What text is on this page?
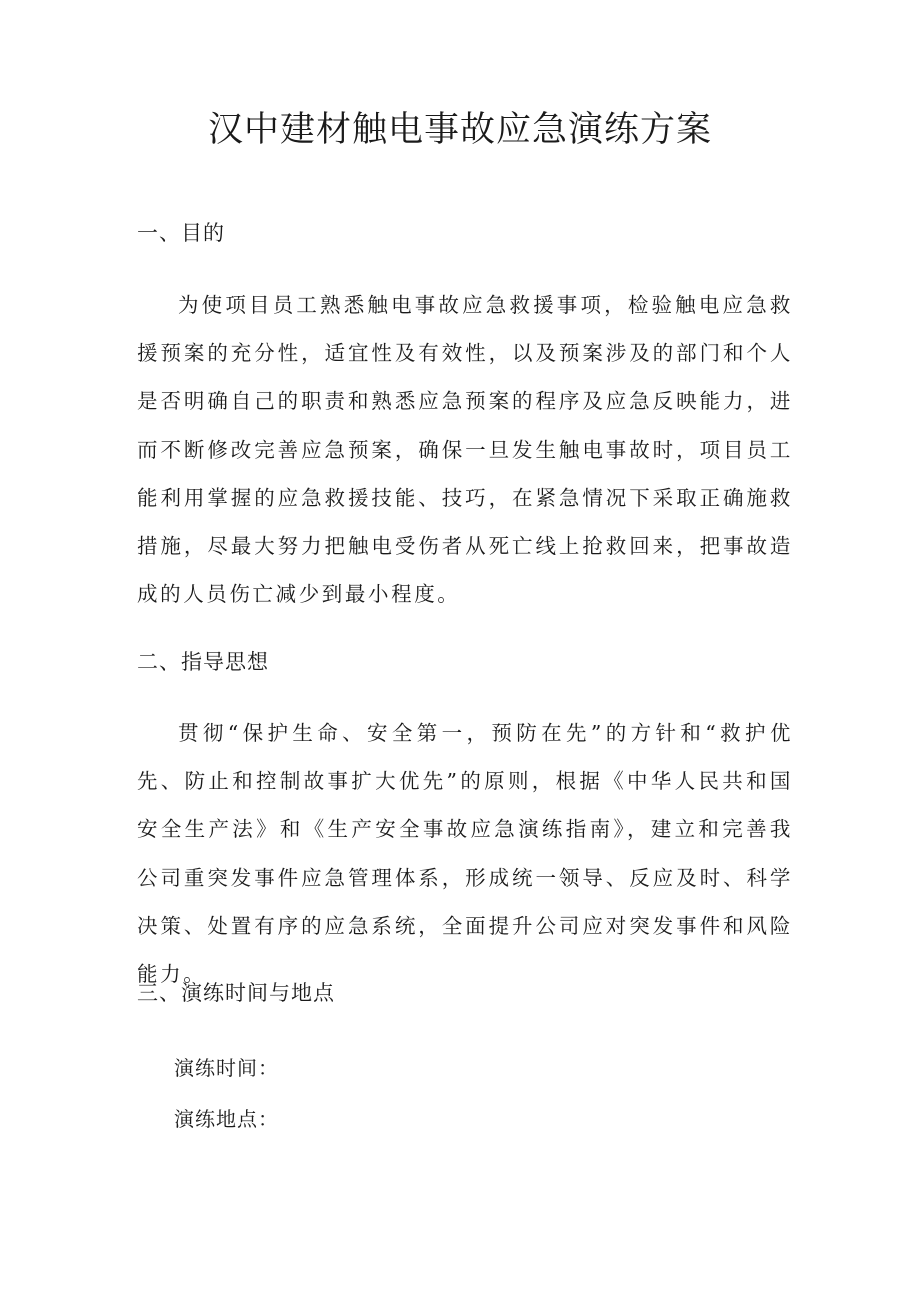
汉中建材触电事故应急演练方案
一、目的

为使项目员工熟悉触电事故应急救援事项，检验触电应急救援预案的充分性，适宜性及有效性，以及预案涉及的部门和个人是否明确自己的职责和熟悉应急预案的程序及应急反映能力，进而不断修改完善应急预案，确保一旦发生触电事故时，项目员工能利用掌握的应急救援技能、技巧，在紧急情况下采取正确施救措施，尽最大努力把触电受伤者从死亡线上抢救回来，把事故造成的人员伤亡减少到最小程度。

二、指导思想

贯彻“保护生命、安全第一，预防在先”的方针和“救护优先、防止和控制故事扩大优先”的原则，根据《中华人民共和国安全生产法》和《生产安全事故应急演练指南》，建立和完善我公司重突发事件应急管理体系，形成统一领导、反应及时、科学决策、处置有序的应急系统，全面提升公司应对突发事件和风险能力。

三、演练时间与地点

演练时间：

演练地点：
